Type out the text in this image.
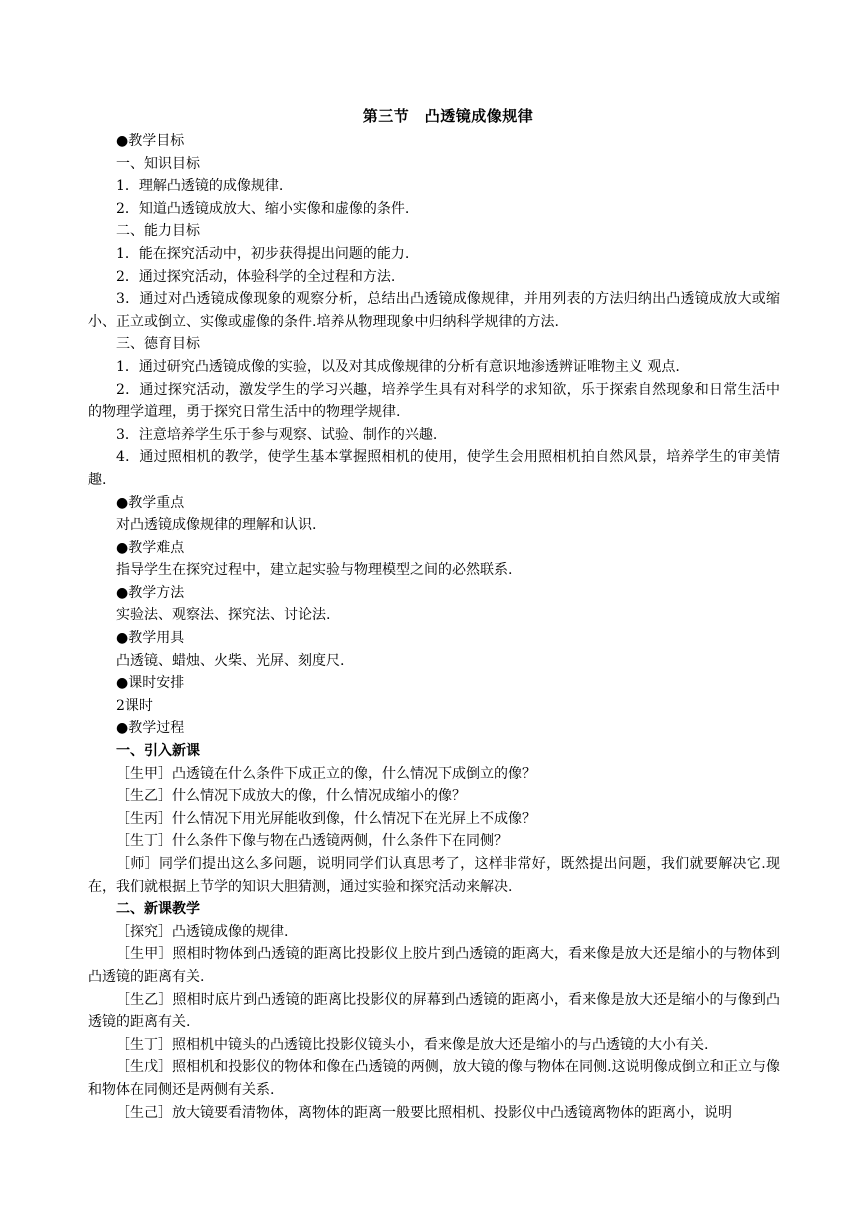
第三节　凸透镜成像规律

●教学目标

一、知识目标

1．理解凸透镜的成像规律.

2．知道凸透镜成放大、缩小实像和虚像的条件.

二、能力目标

1．能在探究活动中，初步获得提出问题的能力.

2．通过探究活动，体验科学的全过程和方法.

3．通过对凸透镜成像现象的观察分析，总结出凸透镜成像规律，并用列表的方法归纳出凸透镜成放大或缩小、正立或倒立、实像或虚像的条件.培养从物理现象中归纳科学规律的方法.

三、德育目标

1．通过研究凸透镜成像的实验，以及对其成像规律的分析有意识地渗透辨证唯物主义 观点.

2．通过探究活动，激发学生的学习兴趣，培养学生具有对科学的求知欲，乐于探索自然现象和日常生活中的物理学道理，勇于探究日常生活中的物理学规律.

3．注意培养学生乐于参与观察、试验、制作的兴趣.

4．通过照相机的教学，使学生基本掌握照相机的使用，使学生会用照相机拍自然风景，培养学生的审美情趣.

●教学重点

对凸透镜成像规律的理解和认识.

●教学难点

指导学生在探究过程中，建立起实验与物理模型之间的必然联系.

●教学方法

实验法、观察法、探究法、讨论法.

●教学用具

凸透镜、蜡烛、火柴、光屏、刻度尺.

●课时安排

2课时

●教学过程

一、引入新课

［生甲］凸透镜在什么条件下成正立的像，什么情况下成倒立的像？

［生乙］什么情况下成放大的像，什么情况成缩小的像？

［生丙］什么情况下用光屏能收到像，什么情况下在光屏上不成像？

［生丁］什么条件下像与物在凸透镜两侧，什么条件下在同侧？

［师］同学们提出这么多问题，说明同学们认真思考了，这样非常好，既然提出问题，我们就要解决它.现在，我们就根据上节学的知识大胆猜测，通过实验和探究活动来解决.

二、新课教学

［探究］凸透镜成像的规律.

［生甲］照相时物体到凸透镜的距离比投影仪上胶片到凸透镜的距离大，看来像是放大还是缩小的与物体到凸透镜的距离有关.

［生乙］照相时底片到凸透镜的距离比投影仪的屏幕到凸透镜的距离小，看来像是放大还是缩小的与像到凸透镜的距离有关.

［生丁］照相机中镜头的凸透镜比投影仪镜头小，看来像是放大还是缩小的与凸透镜的大小有关.

［生戊］照相机和投影仪的物体和像在凸透镜的两侧，放大镜的像与物体在同侧.这说明像成倒立和正立与像和物体在同侧还是两侧有关系.

［生己］放大镜要看清物体，离物体的距离一般要比照相机、投影仪中凸透镜离物体的距离小，说明
